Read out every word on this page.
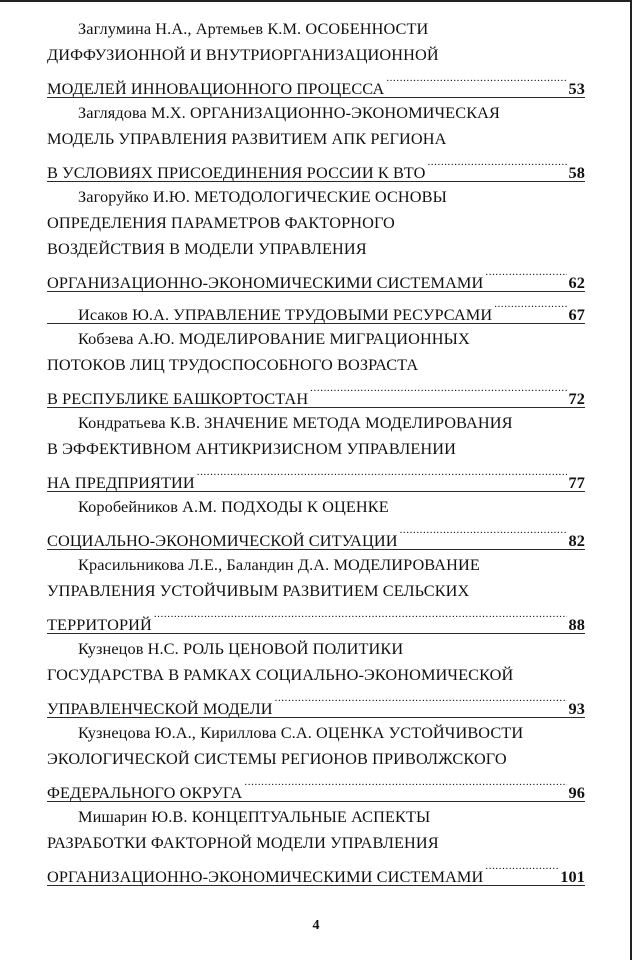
Заглумина Н.А., Артемьев К.М. ОСОБЕННОСТИ
ДИФФУЗИОННОЙ И ВНУТРИОРГАНИЗАЦИОННОЙ
МОДЕЛЕЙ ИННОВАЦИОННОГО ПРОЦЕССА .....	53
Заглядова М.Х. ОРГАНИЗАЦИОННО-ЭКОНОМИЧЕСКАЯ
МОДЕЛЬ УПРАВЛЕНИЯ РАЗВИТИЕМ АПК РЕГИОНА
В УСЛОВИЯХ ПРИСОЕДИНЕНИЯ РОССИИ К ВТО .....	58
Загоруйко И.Ю. МЕТОДОЛОГИЧЕСКИЕ ОСНОВЫ
ОПРЕДЕЛЕНИЯ ПАРАМЕТРОВ ФАКТОРНОГО
ВОЗДЕЙСТВИЯ В МОДЕЛИ УПРАВЛЕНИЯ
ОРГАНИЗАЦИОННО-ЭКОНОМИЧЕСКИМИ СИСТЕМАМИ .....	62
Исаков Ю.А. УПРАВЛЕНИЕ ТРУДОВЫМИ РЕСУРСАМИ .....	67
Кобзева А.Ю. МОДЕЛИРОВАНИЕ МИГРАЦИОННЫХ
ПОТОКОВ ЛИЦ ТРУДОСПОСОБНОГО ВОЗРАСТА
В РЕСПУБЛИКЕ БАШКОРТОСТАН .....	72
Кондратьева К.В. ЗНАЧЕНИЕ МЕТОДА МОДЕЛИРОВАНИЯ
В ЭФФЕКТИВНОМ АНТИКРИЗИСНОМ УПРАВЛЕНИИ
НА ПРЕДПРИЯТИИ .....	77
Коробейников А.М. ПОДХОДЫ К ОЦЕНКЕ
СОЦИАЛЬНО-ЭКОНОМИЧЕСКОЙ СИТУАЦИИ .....	82
Красильникова Л.Е., Баландин Д.А. МОДЕЛИРОВАНИЕ
УПРАВЛЕНИЯ УСТОЙЧИВЫМ РАЗВИТИЕМ СЕЛЬСКИХ
ТЕРРИТОРИЙ .....	88
Кузнецов Н.С. РОЛЬ ЦЕНОВОЙ ПОЛИТИКИ
ГОСУДАРСТВА В РАМКАХ СОЦИАЛЬНО-ЭКОНОМИЧЕСКОЙ
УПРАВЛЕНЧЕСКОЙ МОДЕЛИ .....	93
Кузнецова Ю.А., Кириллова С.А. ОЦЕНКА УСТОЙЧИВОСТИ
ЭКОЛОГИЧЕСКОЙ СИСТЕМЫ РЕГИОНОВ ПРИВОЛЖСКОГО
ФЕДЕРАЛЬНОГО ОКРУГА .....	96
Мишарин Ю.В. КОНЦЕПТУАЛЬНЫЕ АСПЕКТЫ
РАЗРАБОТКИ ФАКТОРНОЙ МОДЕЛИ УПРАВЛЕНИЯ
ОРГАНИЗАЦИОННО-ЭКОНОМИЧЕСКИМИ СИСТЕМАМИ .....	101
4
